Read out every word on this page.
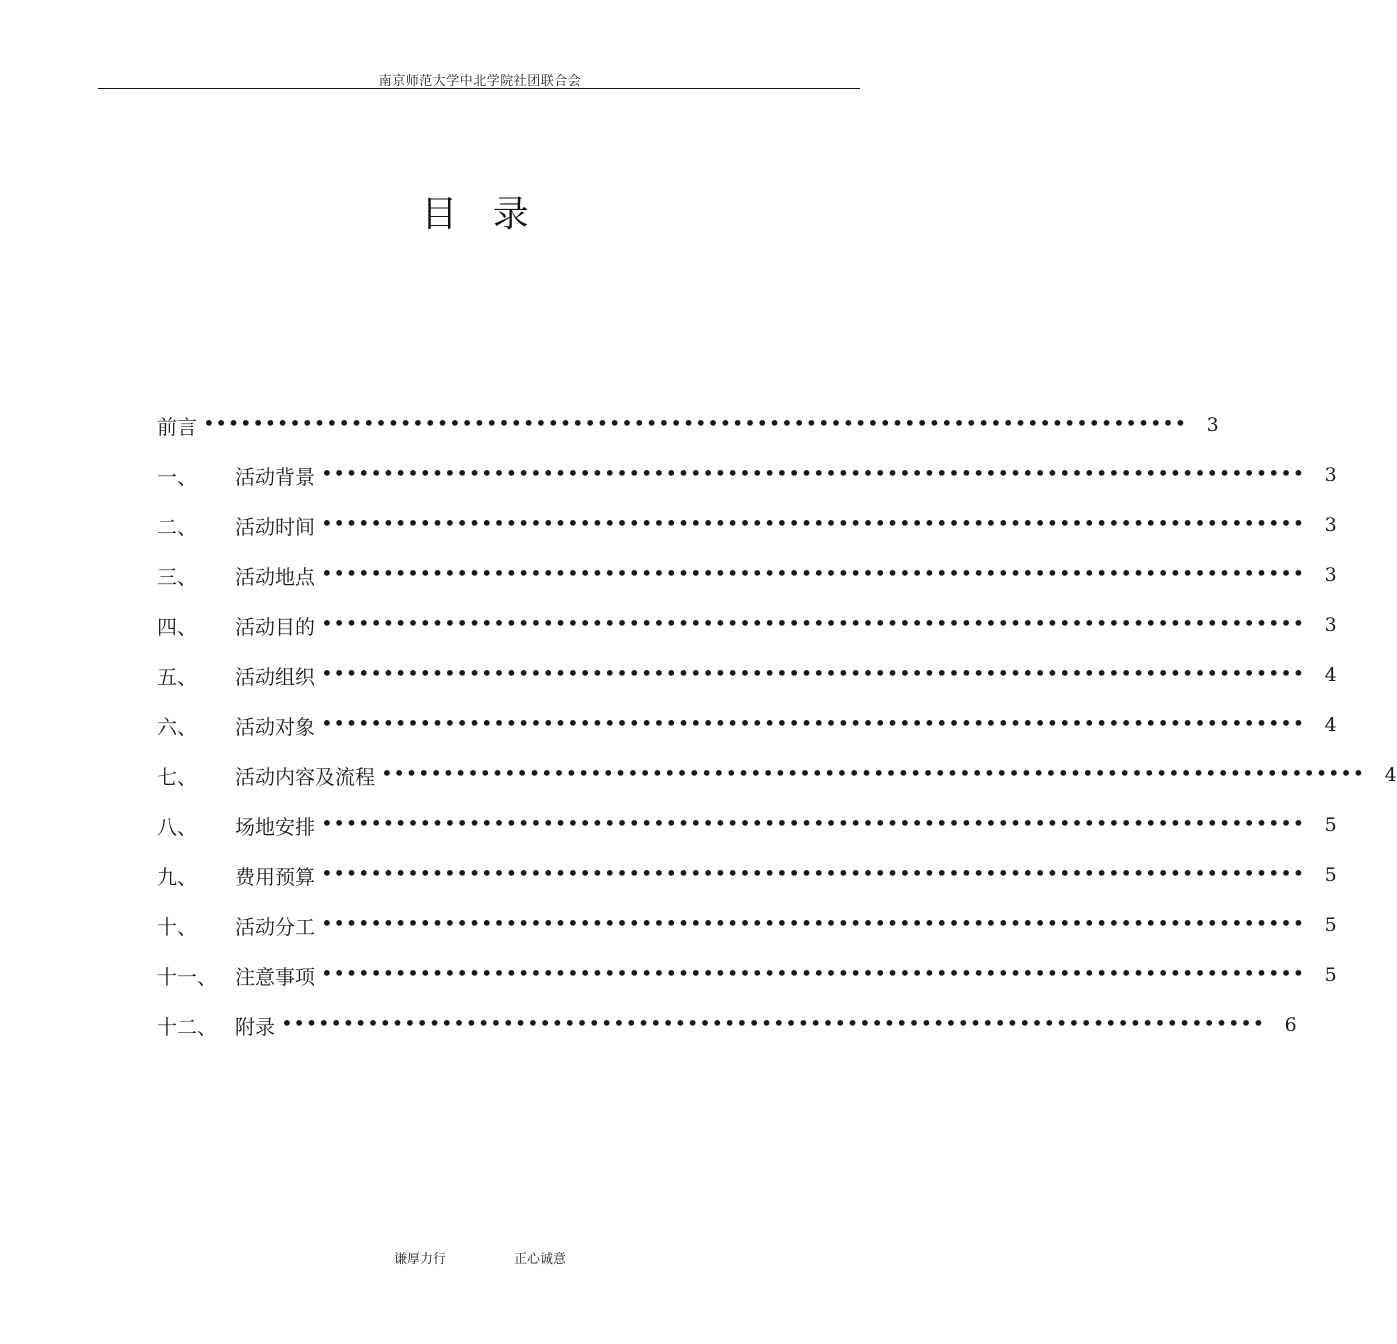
南京师范大学中北学院社团联合会
目 录
前言 ••••••••••••••••••••••••••••••••••••••••••••••••••••••••••••••••••••••••••••••••	3
一、	活动背景 ••••••••••••••••••••••••••••••••••••••••••••••••••••••••••••••••••••••••••••••••	3
二、	活动时间 ••••••••••••••••••••••••••••••••••••••••••••••••••••••••••••••••••••••••••••••••	3
三、	活动地点 ••••••••••••••••••••••••••••••••••••••••••••••••••••••••••••••••••••••••••••••••	3
四、	活动目的 ••••••••••••••••••••••••••••••••••••••••••••••••••••••••••••••••••••••••••••••••	3
五、	活动组织 ••••••••••••••••••••••••••••••••••••••••••••••••••••••••••••••••••••••••••••••••	4
六、	活动对象 ••••••••••••••••••••••••••••••••••••••••••••••••••••••••••••••••••••••••••••••••	4
七、	活动内容及流程 ••••••••••••••••••••••••••••••••••••••••••••••••••••••••••••••••••••••••••••••••	4
八、	场地安排 ••••••••••••••••••••••••••••••••••••••••••••••••••••••••••••••••••••••••••••••••	5
九、	费用预算 ••••••••••••••••••••••••••••••••••••••••••••••••••••••••••••••••••••••••••••••••	5
十、	活动分工 ••••••••••••••••••••••••••••••••••••••••••••••••••••••••••••••••••••••••••••••••	5
十一、 注意事项 ••••••••••••••••••••••••••••••••••••••••••••••••••••••••••••••••••••••••••••••••	5
十二、 附录 ••••••••••••••••••••••••••••••••••••••••••••••••••••••••••••••••••••••••••••••••	6
谦厚力行	正心诚意
